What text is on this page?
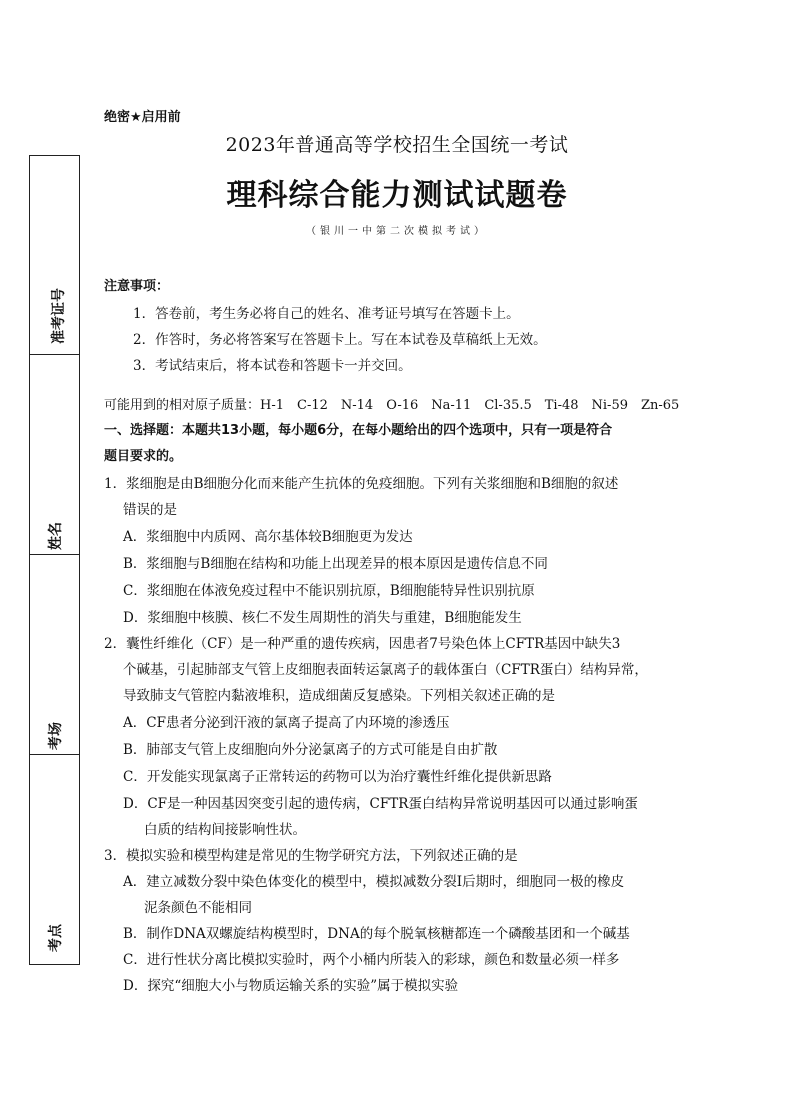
准考证号
姓名
考场
考点
绝密★启用前
2023年普通高等学校招生全国统一考试
理科综合能力测试试题卷
（银川一中第二次模拟考试）
注意事项：
1．答卷前，考生务必将自己的姓名、准考证号填写在答题卡上。
2．作答时，务必将答案写在答题卡上。写在本试卷及草稿纸上无效。
3．考试结束后，将本试卷和答题卡一并交回。
可能用到的相对原子质量：H-1　C-12　N-14　O-16　Na-11　Cl-35.5　Ti-48　Ni-59　Zn-65
一、选择题：本题共13小题，每小题6分，在每小题给出的四个选项中，只有一项是符合
题目要求的。
1．浆细胞是由B细胞分化而来能产生抗体的免疫细胞。下列有关浆细胞和B细胞的叙述
错误的是
A．浆细胞中内质网、高尔基体较B细胞更为发达
B．浆细胞与B细胞在结构和功能上出现差异的根本原因是遗传信息不同
C．浆细胞在体液免疫过程中不能识别抗原，B细胞能特异性识别抗原
D．浆细胞中核膜、核仁不发生周期性的消失与重建，B细胞能发生
2．囊性纤维化（CF）是一种严重的遗传疾病，因患者7号染色体上CFTR基因中缺失3
个碱基，引起肺部支气管上皮细胞表面转运氯离子的载体蛋白（CFTR蛋白）结构异常，
导致肺支气管腔内黏液堆积，造成细菌反复感染。下列相关叙述正确的是
A．CF患者分泌到汗液的氯离子提高了内环境的渗透压
B．肺部支气管上皮细胞向外分泌氯离子的方式可能是自由扩散
C．开发能实现氯离子正常转运的药物可以为治疗囊性纤维化提供新思路
D．CF是一种因基因突变引起的遗传病，CFTR蛋白结构异常说明基因可以通过影响蛋
白质的结构间接影响性状。
3．模拟实验和模型构建是常见的生物学研究方法，下列叙述正确的是
A．建立减数分裂中染色体变化的模型中，模拟减数分裂Ⅰ后期时，细胞同一极的橡皮
泥条颜色不能相同
B．制作DNA双螺旋结构模型时，DNA的每个脱氧核糖都连一个磷酸基团和一个碱基
C．进行性状分离比模拟实验时，两个小桶内所装入的彩球，颜色和数量必须一样多
D．探究“细胞大小与物质运输关系的实验”属于模拟实验
